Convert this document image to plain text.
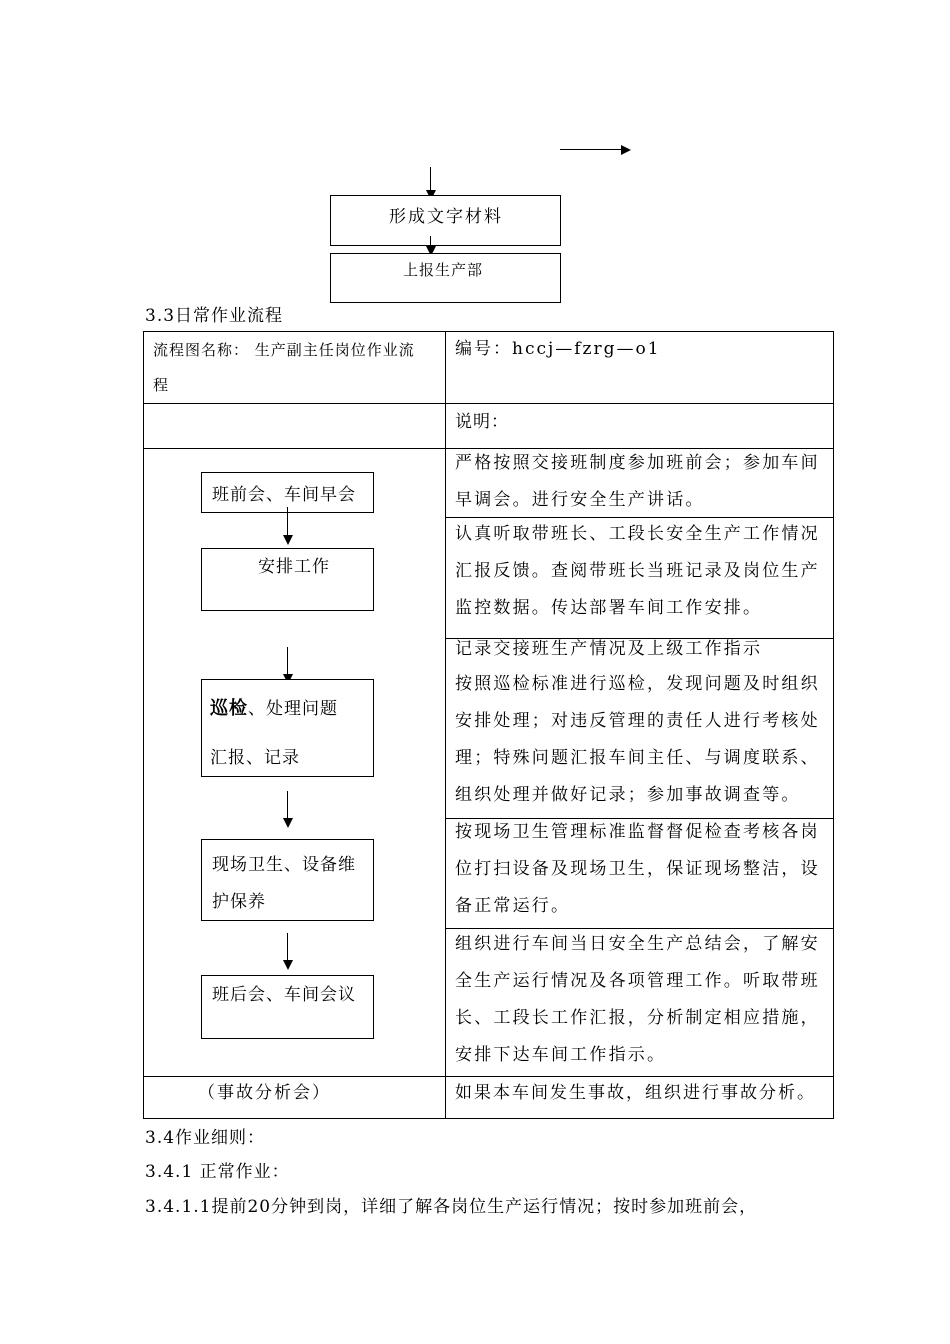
形成文字材料
上报生产部
3.3日常作业流程
流程图名称： 生产副主任岗位作业流
程
编号：hccj—fzrg—o1
说明：
班前会、车间早会
安排工作
巡检、处理问题
汇报、记录
现场卫生、设备维
护保养
班后会、车间会议
严格按照交接班制度参加班前会；参加车间
早调会。进行安全生产讲话。
认真听取带班长、工段长安全生产工作情况
汇报反馈。查阅带班长当班记录及岗位生产
监控数据。传达部署车间工作安排。
记录交接班生产情况及上级工作指示
按照巡检标准进行巡检，发现问题及时组织
安排处理；对违反管理的责任人进行考核处
理；特殊问题汇报车间主任、与调度联系、
组织处理并做好记录；参加事故调查等。
按现场卫生管理标准监督督促检查考核各岗
位打扫设备及现场卫生，保证现场整洁，设
备正常运行。
组织进行车间当日安全生产总结会，了解安
全生产运行情况及各项管理工作。听取带班
长、工段长工作汇报，分析制定相应措施，
安排下达车间工作指示。
（事故分析会）	如果本车间发生事故，组织进行事故分析。
3.4作业细则：
3.4.1 正常作业：
3.4.1.1提前20分钟到岗，详细了解各岗位生产运行情况；按时参加班前会，
